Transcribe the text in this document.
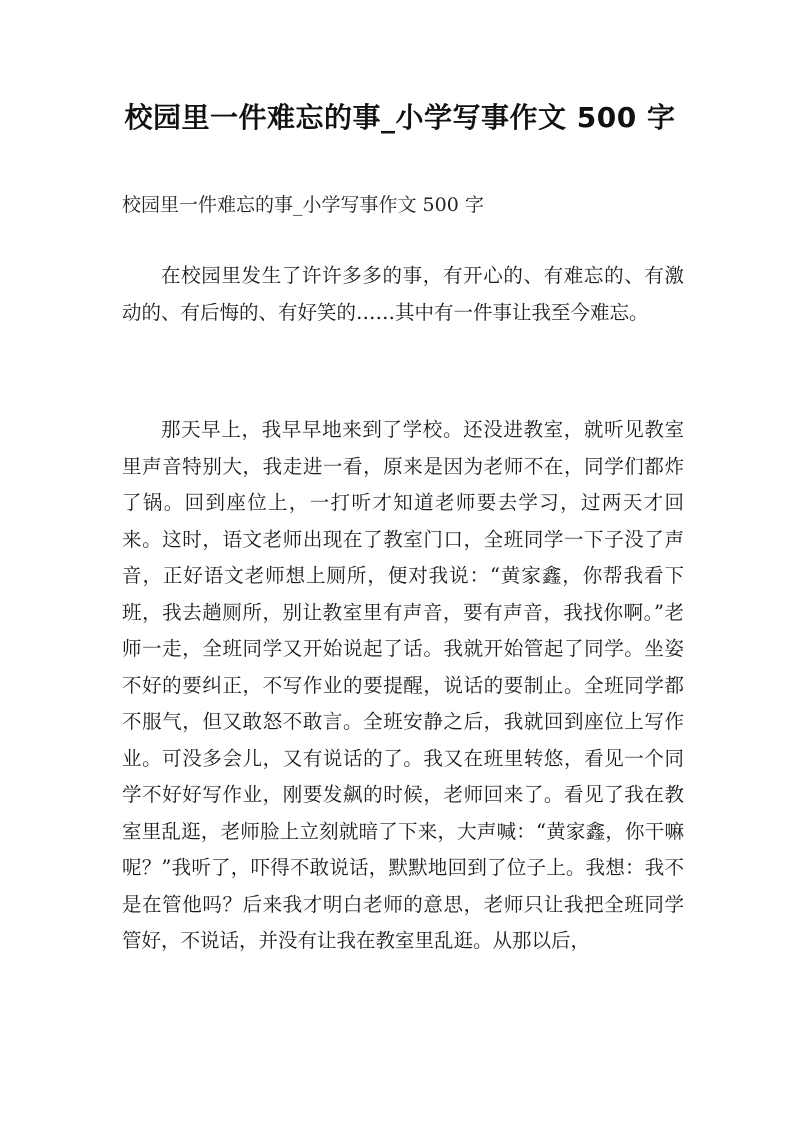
校园里一件难忘的事_小学写事作文 500 字
校园里一件难忘的事_小学写事作文 500 字

在校园里发生了许许多多的事，有开心的、有难忘的、有激动的、有后悔的、有好笑的……其中有一件事让我至今难忘。

那天早上，我早早地来到了学校。还没进教室，就听见教室里声音特别大，我走进一看，原来是因为老师不在，同学们都炸了锅。回到座位上，一打听才知道老师要去学习，过两天才回来。这时，语文老师出现在了教室门口，全班同学一下子没了声音，正好语文老师想上厕所，便对我说：“黄家鑫，你帮我看下班，我去趟厕所，别让教室里有声音，要有声音，我找你啊。”老师一走，全班同学又开始说起了话。我就开始管起了同学。坐姿不好的要纠正，不写作业的要提醒，说话的要制止。全班同学都不服气，但又敢怒不敢言。全班安静之后，我就回到座位上写作业。可没多会儿，又有说话的了。我又在班里转悠，看见一个同学不好好写作业，刚要发飙的时候，老师回来了。看见了我在教室里乱逛，老师脸上立刻就暗了下来，大声喊：“黄家鑫，你干嘛呢？”我听了，吓得不敢说话，默默地回到了位子上。我想：我不是在管他吗？后来我才明白老师的意思，老师只让我把全班同学管好，不说话，并没有让我在教室里乱逛。从那以后，
